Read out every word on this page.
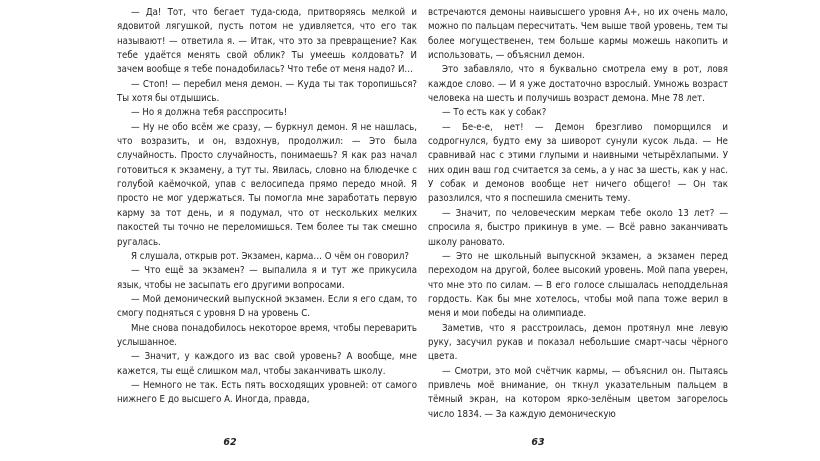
— Да! Тот, что бегает туда-сюда, притворяясь мелкой и ядовитой лягушкой, пусть потом не удивляется, что его так называют! — ответила я. — Итак, что это за превращение? Как тебе удаётся менять свой облик? Ты умеешь колдовать? И зачем вообще я тебе понадобилась? Что тебе от меня надо? И…

— Стоп! — перебил меня демон. — Куда ты так торопишься? Ты хотя бы отдышись.

— Но я должна тебя расспросить!

— Ну не обо всём же сразу, — буркнул демон. Я не нашлась, что возразить, и он, вздохнув, продолжил: — Это была случайность. Просто случайность, понимаешь? Я как раз начал готовиться к экзамену, а тут ты. Явилась, словно на блюдечке с голубой каёмочкой, упав с велосипеда прямо передо мной. Я просто не мог удержаться. Ты помогла мне заработать первую карму за тот день, и я подумал, что от нескольких мелких пакостей ты точно не переломишься. Тем более ты так смешно ругалась.

Я слушала, открыв рот. Экзамен, карма… О чём он говорил?

— Что ещё за экзамен? — выпалила я и тут же прикусила язык, чтобы не засыпать его другими вопросами.

— Мой демонический выпускной экзамен. Если я его сдам, то смогу подняться с уровня D на уровень C.

Мне снова понадобилось некоторое время, чтобы переварить услышанное.

— Значит, у каждого из вас свой уровень? А вообще, мне кажется, ты ещё слишком мал, чтобы заканчивать школу.

— Немного не так. Есть пять восходящих уровней: от самого нижнего E до высшего A. Иногда, правда,

62

встречаются демоны наивысшего уровня А+, но их очень мало, можно по пальцам пересчитать. Чем выше твой уровень, тем ты более могущественен, тем больше кармы можешь накопить и использовать, — объяснил демон.

Это забавляло, что я буквально смотрела ему в рот, ловя каждое слово. — И я уже достаточно взрослый. Умножь возраст человека на шесть и получишь возраст демона. Мне 78 лет.

— То есть как у собак?

— Бе-е-е, нет! — Демон брезгливо поморщился и содрогнулся, будто ему за шиворот сунули кусок льда. — Не сравнивай нас с этими глупыми и наивными четырёхлапыми. У них один ваш год считается за семь, а у нас за шесть, как у нас. У собак и демонов вообще нет ничего общего! — Он так разозлился, что я поспешила сменить тему.

— Значит, по человеческим меркам тебе около 13 лет? — спросила я, быстро прикинув в уме. — Всё равно заканчивать школу рановато.

— Это не школьный выпускной экзамен, а экзамен перед переходом на другой, более высокий уровень. Мой папа уверен, что мне это по силам. — В его голосе слышалась неподдельная гордость. Как бы мне хотелось, чтобы мой папа тоже верил в меня и мои победы на олимпиаде.

Заметив, что я расстроилась, демон протянул мне левую руку, засучил рукав и показал небольшие смарт-часы чёрного цвета.

— Смотри, это мой счётчик кармы, — объяснил он. Пытаясь привлечь моё внимание, он ткнул указательным пальцем в тёмный экран, на котором ярко-зелёным цветом загорелось число 1834. — За каждую демоническую

63
